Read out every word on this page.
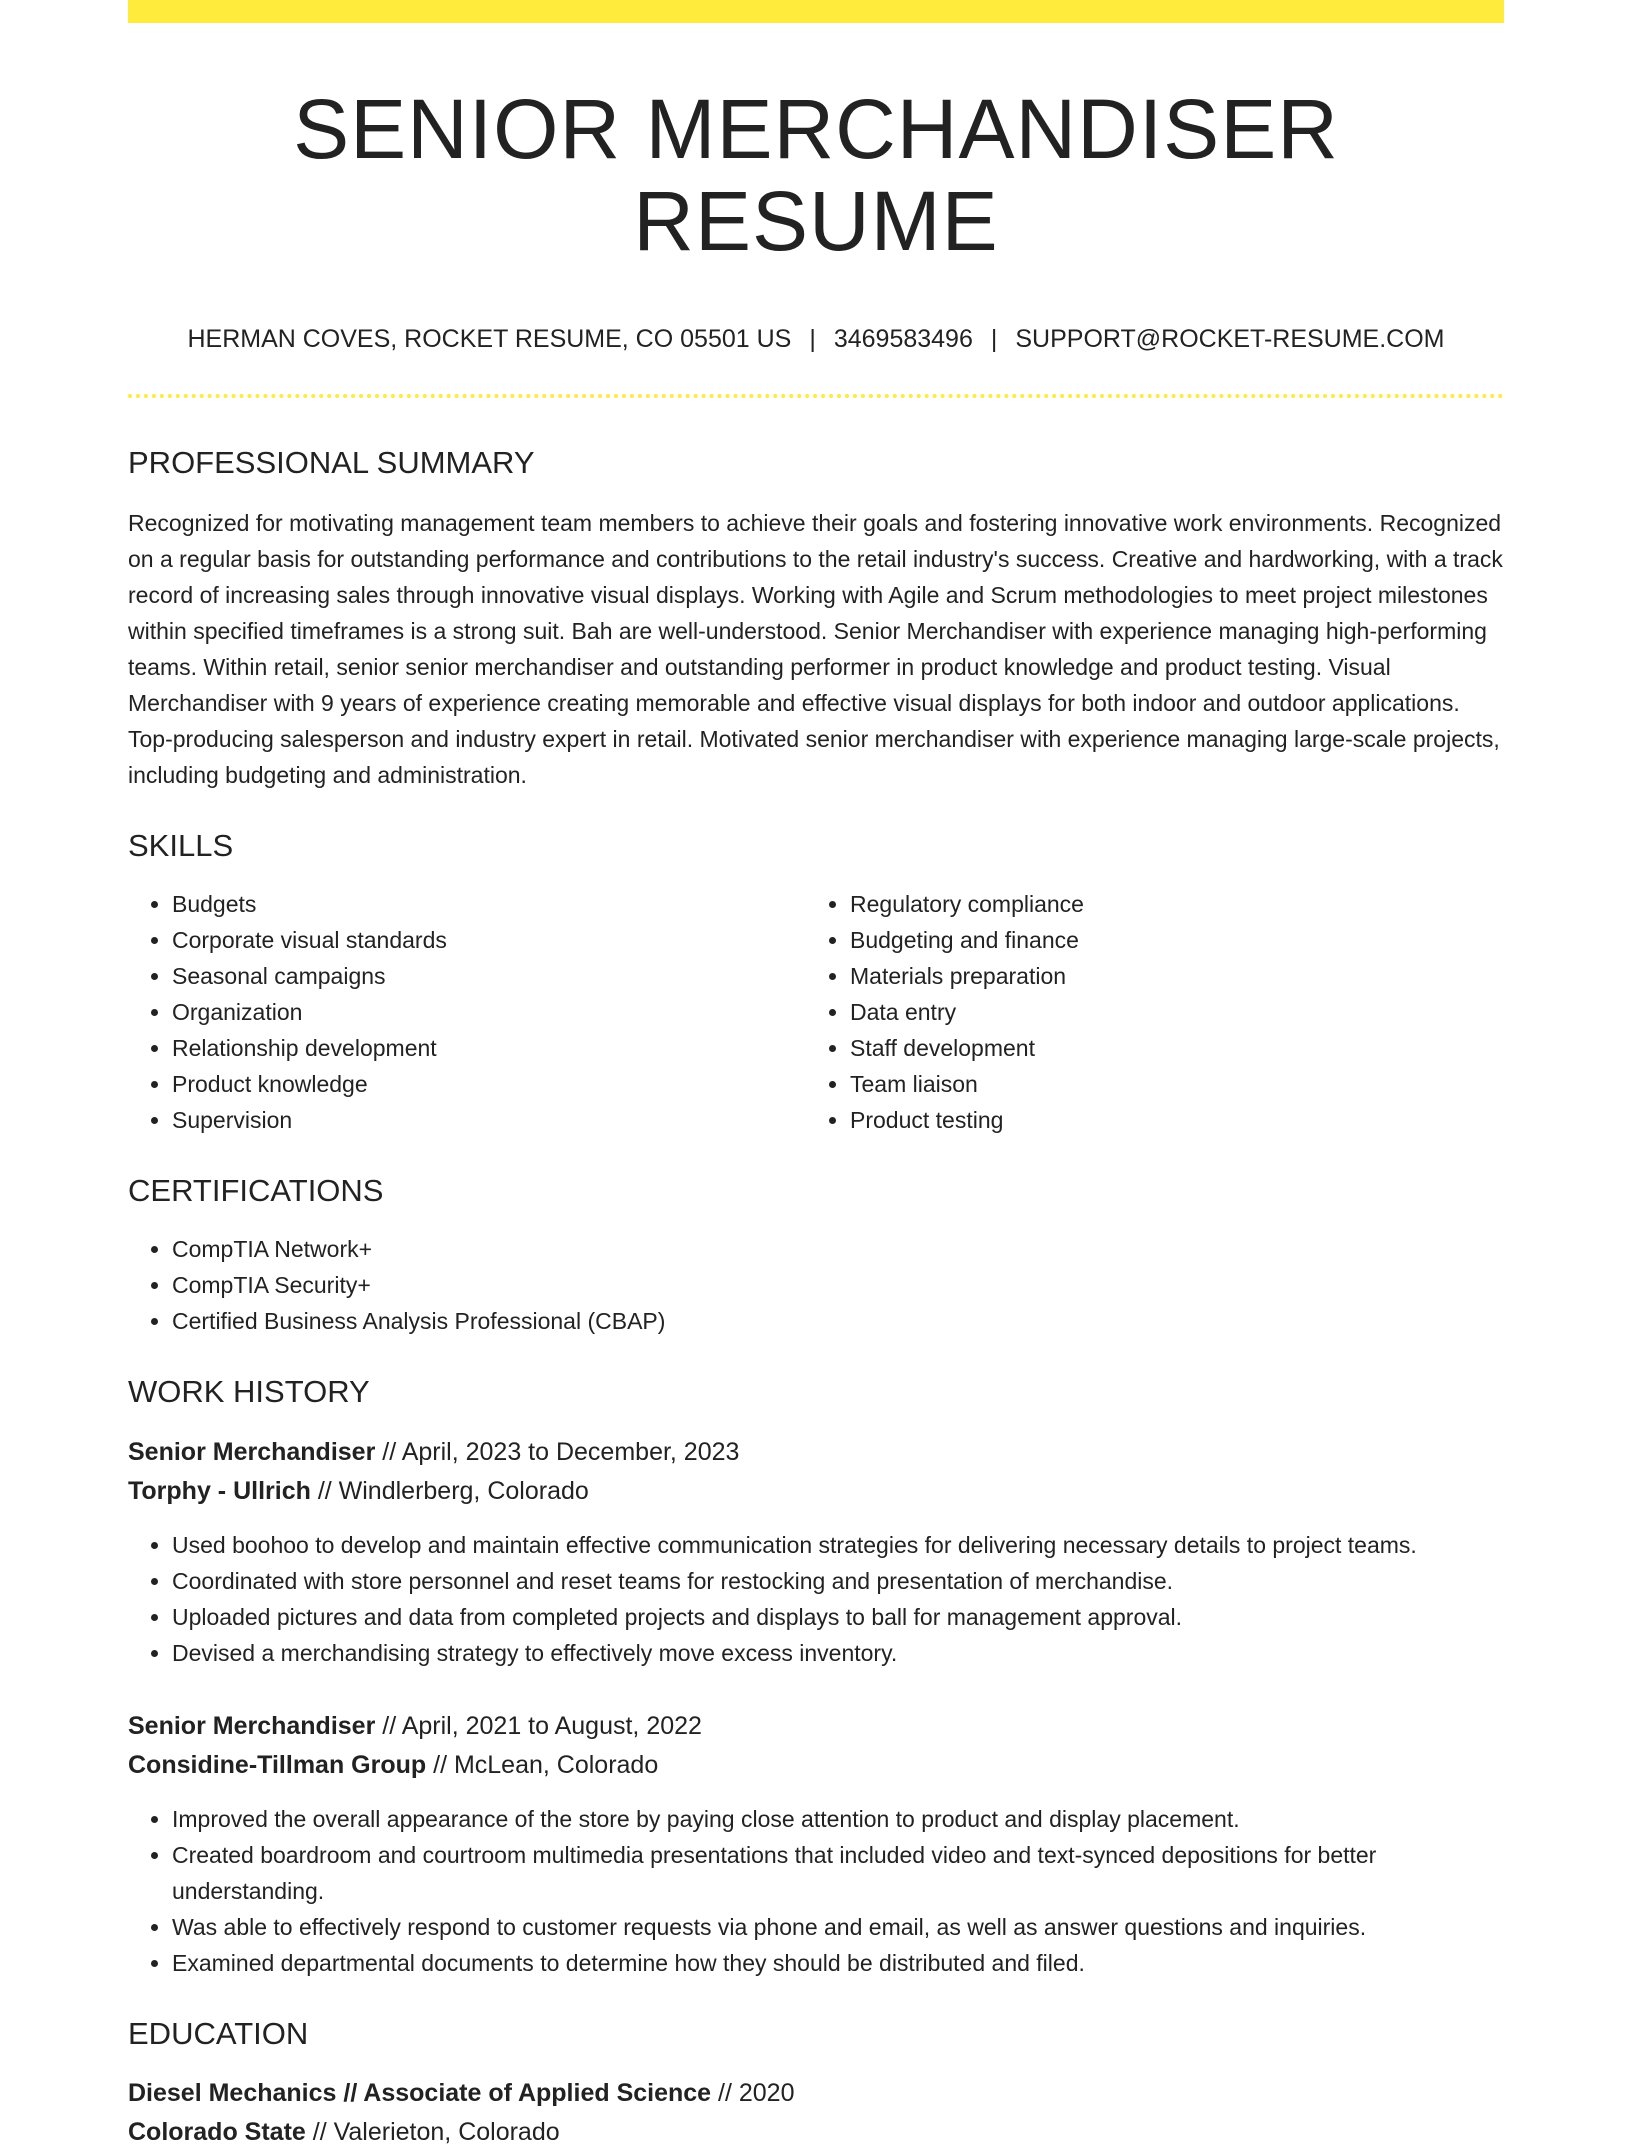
SENIOR MERCHANDISER RESUME
HERMAN COVES, ROCKET RESUME, CO 05501 US | 3469583496 | SUPPORT@ROCKET-RESUME.COM
PROFESSIONAL SUMMARY
Recognized for motivating management team members to achieve their goals and fostering innovative work environments. Recognized on a regular basis for outstanding performance and contributions to the retail industry's success. Creative and hardworking, with a track record of increasing sales through innovative visual displays. Working with Agile and Scrum methodologies to meet project milestones within specified timeframes is a strong suit. Bah are well-understood. Senior Merchandiser with experience managing high-performing teams. Within retail, senior senior merchandiser and outstanding performer in product knowledge and product testing. Visual Merchandiser with 9 years of experience creating memorable and effective visual displays for both indoor and outdoor applications. Top-producing salesperson and industry expert in retail. Motivated senior merchandiser with experience managing large-scale projects, including budgeting and administration.
SKILLS
• Budgets
• Corporate visual standards
• Seasonal campaigns
• Organization
• Relationship development
• Product knowledge
• Supervision
• Regulatory compliance
• Budgeting and finance
• Materials preparation
• Data entry
• Staff development
• Team liaison
• Product testing
CERTIFICATIONS
• CompTIA Network+
• CompTIA Security+
• Certified Business Analysis Professional (CBAP)
WORK HISTORY
Senior Merchandiser // April, 2023 to December, 2023
Torphy - Ullrich // Windlerberg, Colorado
• Used boohoo to develop and maintain effective communication strategies for delivering necessary details to project teams.
• Coordinated with store personnel and reset teams for restocking and presentation of merchandise.
• Uploaded pictures and data from completed projects and displays to ball for management approval.
• Devised a merchandising strategy to effectively move excess inventory.
Senior Merchandiser // April, 2021 to August, 2022
Considine-Tillman Group // McLean, Colorado
• Improved the overall appearance of the store by paying close attention to product and display placement.
• Created boardroom and courtroom multimedia presentations that included video and text-synced depositions for better understanding.
• Was able to effectively respond to customer requests via phone and email, as well as answer questions and inquiries.
• Examined departmental documents to determine how they should be distributed and filed.
EDUCATION
Diesel Mechanics // Associate of Applied Science // 2020
Colorado State // Valerieton, Colorado
